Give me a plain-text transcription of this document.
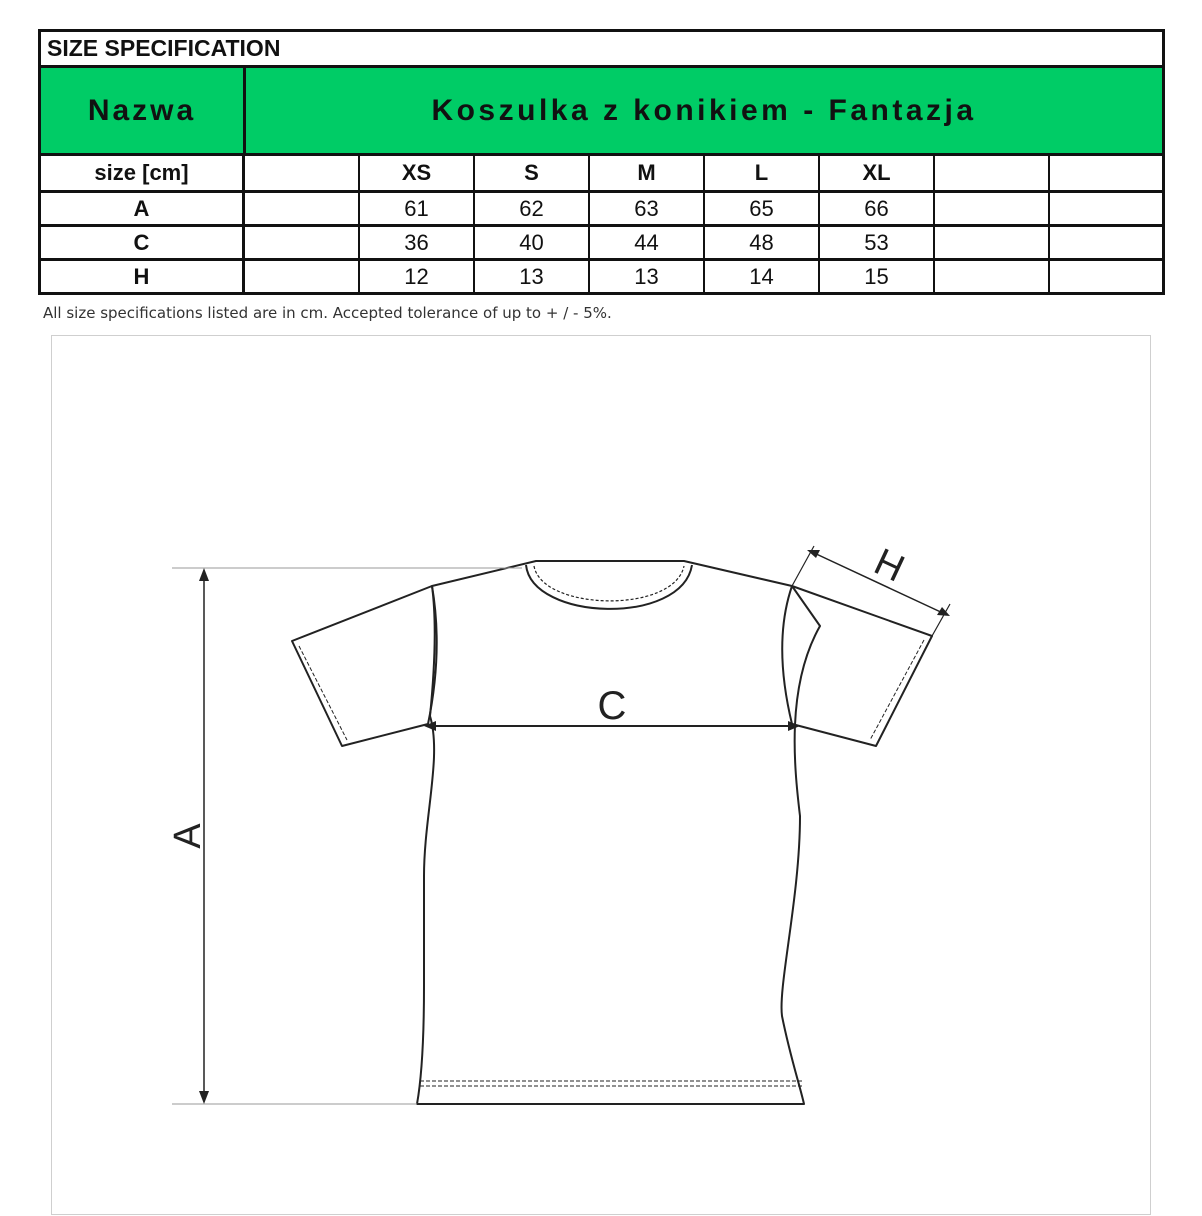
SIZE SPECIFICATION
Nazwa	Koszulka z konikiem - Fantazja
size [cm]	XS	S	M	L	XL
A	61	62	63	65	66
C	36	40	44	48	53
H	12	13	13	14	15
All size specifications listed are in cm. Accepted tolerance of up to + / - 5%.
A
C
H
